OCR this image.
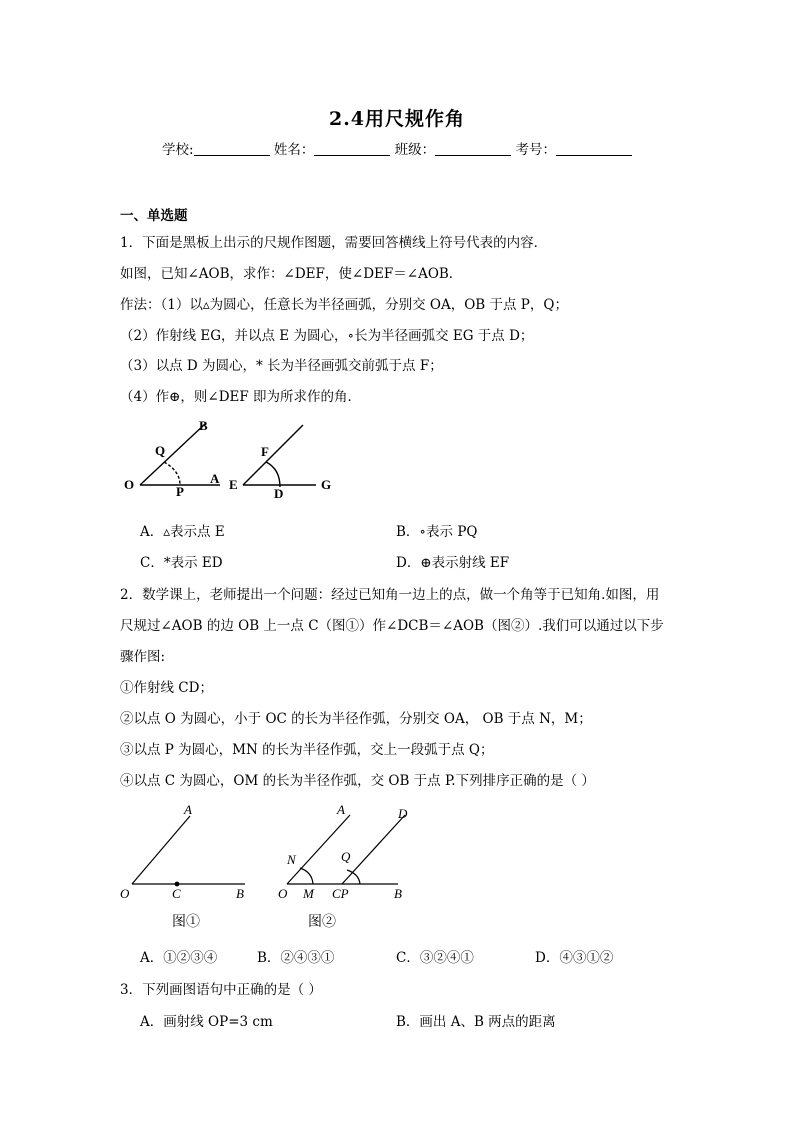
2.4用尺规作角
学校:	姓名：	班级：	考号：
一、单选题
1．下面是黑板上出示的尺规作图题，需要回答横线上符号代表的内容．
如图，已知∠AOB，求作：∠DEF，使∠DEF＝∠AOB．
作法：（1）以▵为圆心，任意长为半径画弧，分别交 OA，OB 于点 P，Q；
（2）作射线 EG，并以点 E 为圆心，∘长为半径画弧交 EG 于点 D；
（3）以点 D 为圆心，* 长为半径画弧交前弧于点 F；
（4）作⊕，则∠DEF 即为所求作的角．
B
Q
O	P
A
F
E
D
G
A．▵表示点 E	B．∘表示 PQ
C．*表示 ED	D．⊕表示射线 EF
2．数学课上，老师提出一个问题：经过已知角一边上的点，做一个角等于已知角.如图，用
尺规过∠AOB 的边 OB 上一点 C（图①）作∠DCB＝∠AOB（图②）.我们可以通过以下步
骤作图:
①作射线 CD；
②以点 O 为圆心，小于 OC 的长为半径作弧，分别交 OA， OB 于点 N，M；
③以点 P 为圆心，MN 的长为半径作弧，交上一段弧于点 Q；
④以点 C 为圆心，OM 的长为半径作弧，交 OB 于点 P.下列排序正确的是（ ）
A
O	C	B
A	D
N	Q
O M CP	B
图①	图②
A．①②③④	B．②④③①	C．③②④①	D．④③①②
3．下列画图语句中正确的是（ ）
A．画射线 OP=3 cm	B．画出 A、B 两点的距离
